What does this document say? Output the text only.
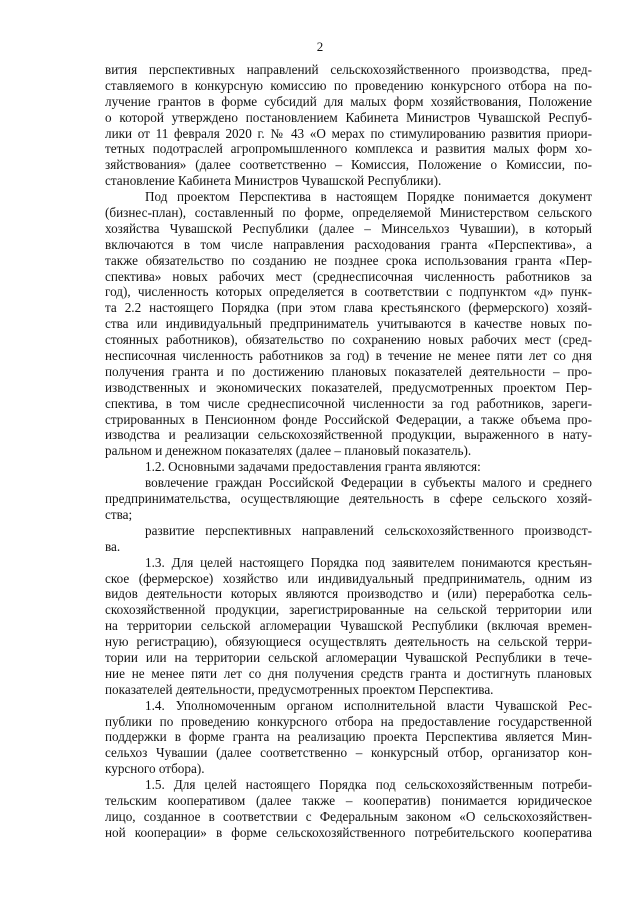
2
вития перспективных направлений сельскохозяйственного производства, пред-
ставляемого в конкурсную комиссию по проведению конкурсного отбора на по-
лучение грантов в форме субсидий для малых форм хозяйствования, Положение
о которой утверждено постановлением Кабинета Министров Чувашской Респуб-
лики от 11 февраля 2020 г. № 43 «О мерах по стимулированию развития приори-
тетных подотраслей агропромышленного комплекса и развития малых форм хо-
зяйствования» (далее соответственно – Комиссия, Положение о Комиссии, по-
становление Кабинета Министров Чувашской Республики).
Под проектом Перспектива в настоящем Порядке понимается документ
(бизнес-план), составленный по форме, определяемой Министерством сельского
хозяйства Чувашской Республики (далее – Минсельхоз Чувашии), в который
включаются в том числе направления расходования гранта «Перспектива», а
также обязательство по созданию не позднее срока использования гранта «Пер-
спектива» новых рабочих мест (среднесписочная численность работников за
год), численность которых определяется в соответствии с подпунктом «д» пунк-
та 2.2 настоящего Порядка (при этом глава крестьянского (фермерского) хозяй-
ства или индивидуальный предприниматель учитываются в качестве новых по-
стоянных работников), обязательство по сохранению новых рабочих мест (сред-
несписочная численность работников за год) в течение не менее пяти лет со дня
получения гранта и по достижению плановых показателей деятельности – про-
изводственных и экономических показателей, предусмотренных проектом Пер-
спектива, в том числе среднесписочной численности за год работников, зареги-
стрированных в Пенсионном фонде Российской Федерации, а также объема про-
изводства и реализации сельскохозяйственной продукции, выраженного в нату-
ральном и денежном показателях (далее – плановый показатель).
1.2. Основными задачами предоставления гранта являются:
вовлечение граждан Российской Федерации в субъекты малого и среднего
предпринимательства, осуществляющие деятельность в сфере сельского хозяй-
ства;
развитие перспективных направлений сельскохозяйственного производст-
ва.
1.3. Для целей настоящего Порядка под заявителем понимаются крестьян-
ское (фермерское) хозяйство или индивидуальный предприниматель, одним из
видов деятельности которых являются производство и (или) переработка сель-
скохозяйственной продукции, зарегистрированные на сельской территории или
на территории сельской агломерации Чувашской Республики (включая времен-
ную регистрацию), обязующиеся осуществлять деятельность на сельской терри-
тории или на территории сельской агломерации Чувашской Республики в тече-
ние не менее пяти лет со дня получения средств гранта и достигнуть плановых
показателей деятельности, предусмотренных проектом Перспектива.
1.4. Уполномоченным органом исполнительной власти Чувашской Рес-
публики по проведению конкурсного отбора на предоставление государственной
поддержки в форме гранта на реализацию проекта Перспектива является Мин-
сельхоз Чувашии (далее соответственно – конкурсный отбор, организатор кон-
курсного отбора).
1.5. Для целей настоящего Порядка под сельскохозяйственным потреби-
тельским кооперативом (далее также – кооператив) понимается юридическое
лицо, созданное в соответствии с Федеральным законом «О сельскохозяйствен-
ной кооперации» в форме сельскохозяйственного потребительского кооператива
